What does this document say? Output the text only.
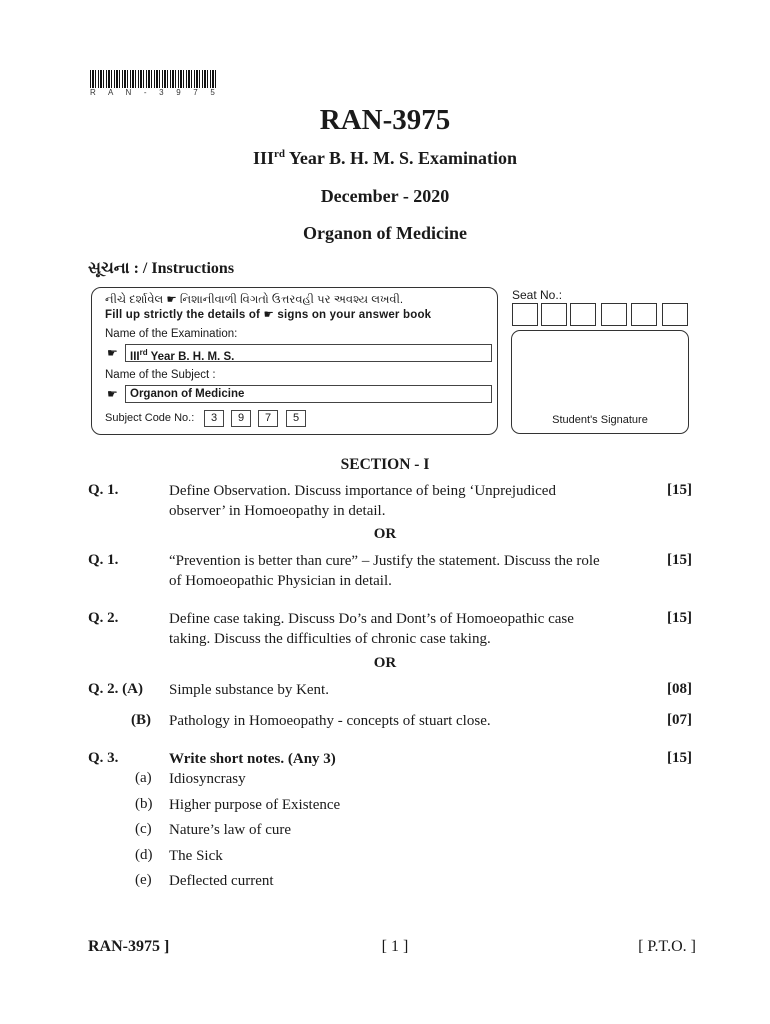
R A N - 3 9 7 5
RAN-3975
IIIrd Year B. H. M. S. Examination
December - 2020
Organon of Medicine
સૂચના : / Instructions
નીચે દર્શાવેલ ☛ નિશાનીવાળી વિગતો ઉત્તરવહી પર અવશ્ય લખવી.
Fill up strictly the details of ☛ signs on your answer book
Name of the Examination:
☛	IIIrd Year B. H. M. S.
Name of the Subject :
☛	Organon of Medicine
Subject Code No.:	3	9	7	5
Seat No.:
Student's Signature
SECTION - I
Q. 1.	Define Observation. Discuss importance of being ‘Unprejudiced
observer’ in Homoeopathy in detail.
[15]
OR
Q. 1.	“Prevention is better than cure” – Justify the statement. Discuss the role
of Homoeopathic Physician in detail.
[15]
Q. 2.	Define case taking. Discuss Do’s and Dont’s of Homoeopathic case
taking. Discuss the difficulties of chronic case taking.
[15]
OR
Q. 2. (A) Simple substance by Kent.	[08]
(B) Pathology in Homoeopathy - concepts of stuart close.	[07]
Q. 3.	Write short notes. (Any 3)	[15]
(a) Idiosyncrasy
(b) Higher purpose of Existence
(c) Nature’s law of cure
(d) The Sick
(e) Deflected current
RAN-3975 ]	[ 1 ]	[ P.T.O. ]
